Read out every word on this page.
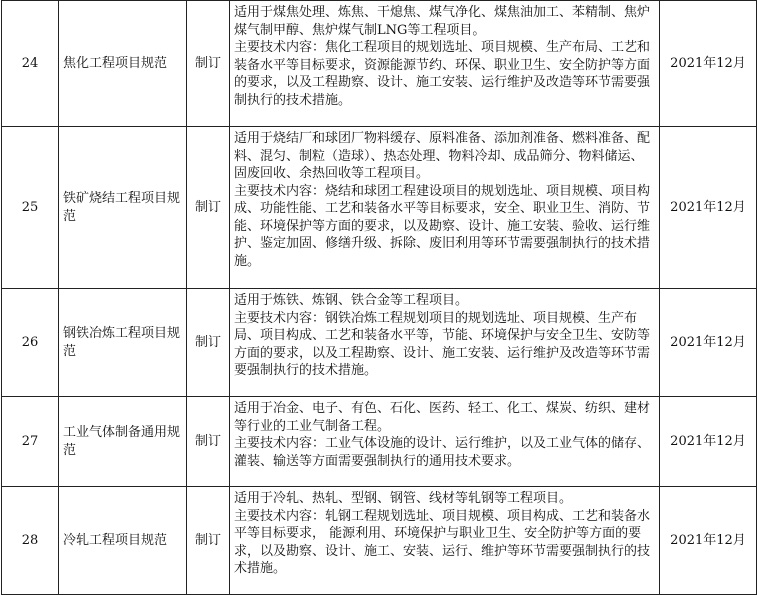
24	焦化工程项目规范	制订	适用于煤焦处理、炼焦、干熄焦、煤气净化、煤焦油加工、苯精制、焦炉煤气制甲醇、焦炉煤气制LNG等工程项目。
主要技术内容：焦化工程项目的规划选址、项目规模、生产布局、工艺和装备水平等目标要求，资源能源节约、环保、职业卫生、安全防护等方面的要求，以及工程勘察、设计、施工安装、运行维护及改造等环节需要强制执行的技术措施。	2021年12月
25	铁矿烧结工程项目规范	制订	适用于烧结厂和球团厂物料缓存、原料准备、添加剂准备、燃料准备、配料、混匀、制粒（造球）、热态处理、物料冷却、成品筛分、物料储运、固废回收、余热回收等工程项目。
主要技术内容：烧结和球团工程建设项目的规划选址、项目规模、项目构成、功能性能、工艺和装备水平等目标要求，安全、职业卫生、消防、节能、环境保护等方面的要求，以及勘察、设计、施工安装、验收、运行维护、鉴定加固、修缮升级、拆除、废旧利用等环节需要强制执行的技术措施。	2021年12月
26	钢铁冶炼工程项目规范	制订	适用于炼铁、炼钢、铁合金等工程项目。
主要技术内容：钢铁冶炼工程规划项目的规划选址、项目规模、生产布局、项目构成、工艺和装备水平等，节能、环境保护与安全卫生、安防等方面的要求，以及工程勘察、设计、施工安装、运行维护及改造等环节需要强制执行的技术措施。	2021年12月
27	工业气体制备通用规范	制订	适用于冶金、电子、有色、石化、医药、轻工、化工、煤炭、纺织、建材等行业的工业气制备工程。
主要技术内容：工业气体设施的设计、运行维护，以及工业气体的储存、灌装、输送等方面需要强制执行的通用技术要求。	2021年12月
28	冷轧工程项目规范	制订	适用于冷轧、热轧、型钢、钢管、线材等轧钢等工程项目。
主要技术内容：轧钢工程规划选址、项目规模、项目构成、工艺和装备水平等目标要求， 能源利用、环境保护与职业卫生、安全防护等方面的要求，以及勘察、设计、施工、安装、运行、维护等环节需要强制执行的技术措施。	2021年12月
